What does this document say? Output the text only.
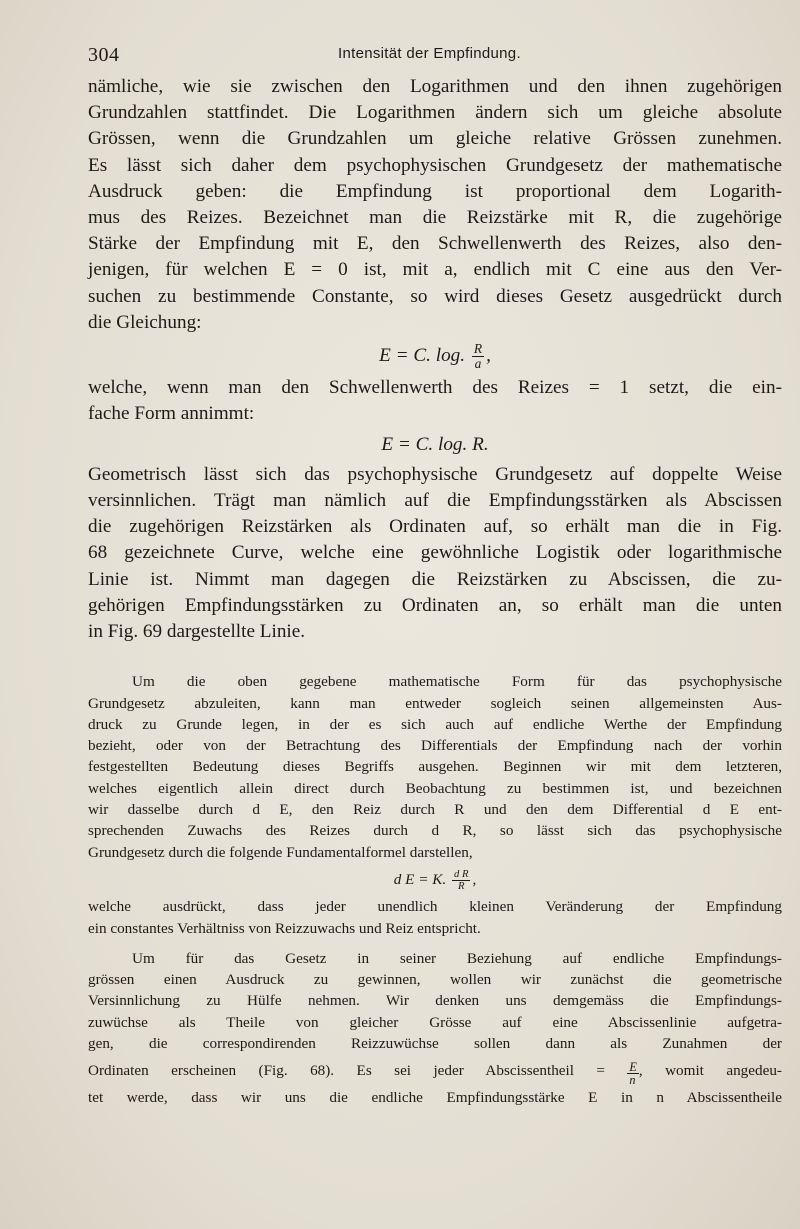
304	Intensität der Empfindung.
nämliche, wie sie zwischen den Logarithmen und den ihnen zugehörigen
Grundzahlen stattfindet. Die Logarithmen ändern sich um gleiche absolute
Grössen, wenn die Grundzahlen um gleiche relative Grössen zunehmen.
Es lässt sich daher dem psychophysischen Grundgesetz der mathematische
Ausdruck geben: die Empfindung ist proportional dem Logarith-
mus des Reizes. Bezeichnet man die Reizstärke mit R, die zugehörige
Stärke der Empfindung mit E, den Schwellenwerth des Reizes, also den-
jenigen, für welchen E = 0 ist, mit a, endlich mit C eine aus den Ver-
suchen zu bestimmende Constante, so wird dieses Gesetz ausgedrückt durch
die Gleichung:
E = C. log. $\frac{R}{a}$ ,
welche, wenn man den Schwellenwerth des Reizes = 1 setzt, die ein-
fache Form annimmt:
E = C. log. R.
Geometrisch lässt sich das psychophysische Grundgesetz auf doppelte Weise
versinnlichen. Trägt man nämlich auf die Empfindungsstärken als Abscissen
die zugehörigen Reizstärken als Ordinaten auf, so erhält man die in Fig.
68 gezeichnete Curve, welche eine gewöhnliche Logistik oder logarithmische
Linie ist. Nimmt man dagegen die Reizstärken zu Abscissen, die zu-
gehörigen Empfindungsstärken zu Ordinaten an, so erhält man die unten
in Fig. 69 dargestellte Linie.
Um die oben gegebene mathematische Form für das psychophysische
Grundgesetz abzuleiten, kann man entweder sogleich seinen allgemeinsten Aus-
druck zu Grunde legen, in der es sich auch auf endliche Werthe der Empfindung
bezieht, oder von der Betrachtung des Differentials der Empfindung nach der vorhin
festgestellten Bedeutung dieses Begriffs ausgehen. Beginnen wir mit dem letzteren,
welches eigentlich allein direct durch Beobachtung zu bestimmen ist, und bezeichnen
wir dasselbe durch d E, den Reiz durch R und den dem Differential d E ent-
sprechenden Zuwachs des Reizes durch d R, so lässt sich das psychophysische
Grundgesetz durch die folgende Fundamentalformel darstellen,
d E = K. $\frac{\text{d R}}{R}$ ,
welche ausdrückt, dass jeder unendlich kleinen Veränderung der Empfindung
ein constantes Verhältniss von Reizzuwachs und Reiz entspricht.
Um für das Gesetz in seiner Beziehung auf endliche Empfindungs-
grössen einen Ausdruck zu gewinnen, wollen wir zunächst die geometrische
Versinnlichung zu Hülfe nehmen. Wir denken uns demgemäss die Empfindungs-
zuwüchse als Theile von gleicher Grösse auf eine Abscissenlinie aufgetra-
gen, die correspondirenden Reizzuwüchse sollen dann als Zunahmen der
Ordinaten erscheinen (Fig. 68). Es sei jeder Abscissentheil = $\frac{E}{n}$ , womit angedeu-
tet werde, dass wir uns die endliche Empfindungsstärke E in n Abscissentheile
